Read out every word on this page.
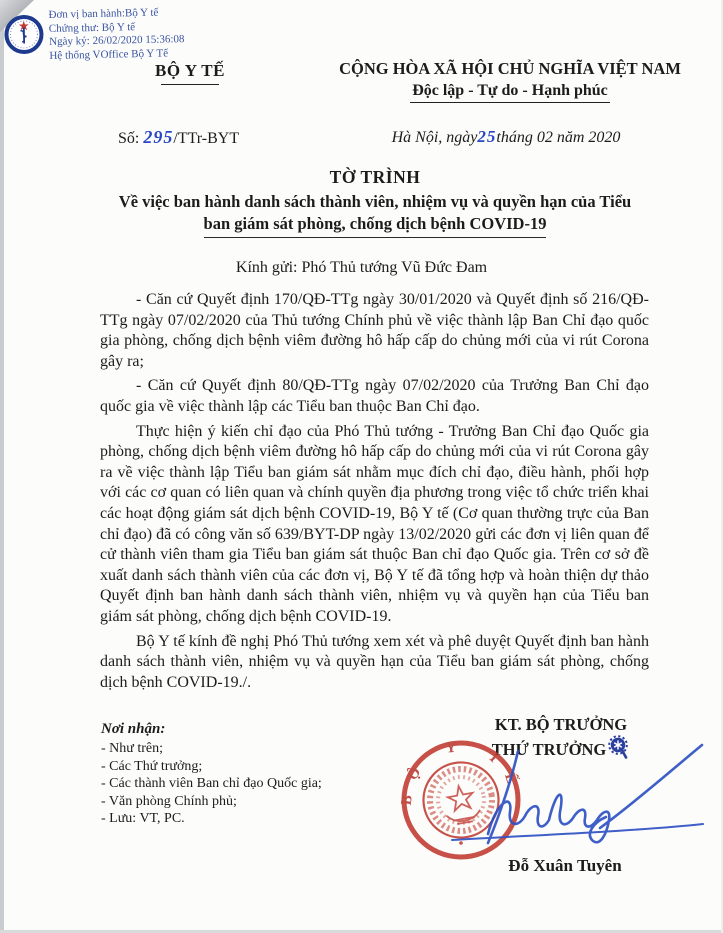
Đơn vị ban hành:Bộ Y tế
Chứng thư: Bộ Y tế
Ngày ký: 26/02/2020 15:36:08
Hệ thống VOffice Bộ Y Tế
BỘ Y TẾ	CỘNG HÒA XÃ HỘI CHỦ NGHĨA VIỆT NAM
Độc lập - Tự do - Hạnh phúc
Số: 295/TTr-BYT	Hà Nội, ngày25tháng 02 năm 2020
TỜ TRÌNH
Về việc ban hành danh sách thành viên, nhiệm vụ và quyền hạn của Tiểu
ban giám sát phòng, chống dịch bệnh COVID-19
Kính gửi: Phó Thủ tướng Vũ Đức Đam

- Căn cứ Quyết định 170/QĐ-TTg ngày 30/01/2020 và Quyết định số 216/QĐ-TTg ngày 07/02/2020 của Thủ tướng Chính phủ về việc thành lập Ban Chỉ đạo quốc gia phòng, chống dịch bệnh viêm đường hô hấp cấp do chủng mới của vi rút Corona gây ra;

- Căn cứ Quyết định 80/QĐ-TTg ngày 07/02/2020 của Trưởng Ban Chỉ đạo quốc gia về việc thành lập các Tiểu ban thuộc Ban Chỉ đạo.

Thực hiện ý kiến chỉ đạo của Phó Thủ tướng - Trưởng Ban Chỉ đạo Quốc gia phòng, chống dịch bệnh viêm đường hô hấp cấp do chủng mới của vi rút Corona gây ra về việc thành lập Tiểu ban giám sát nhằm mục đích chỉ đạo, điều hành, phối hợp với các cơ quan có liên quan và chính quyền địa phương trong việc tổ chức triển khai các hoạt động giám sát dịch bệnh COVID-19, Bộ Y tế (Cơ quan thường trực của Ban chỉ đạo) đã có công văn số 639/BYT-DP ngày 13/02/2020 gửi các đơn vị liên quan để cử thành viên tham gia Tiểu ban giám sát thuộc Ban chỉ đạo Quốc gia. Trên cơ sở đề xuất danh sách thành viên của các đơn vị, Bộ Y tế đã tổng hợp và hoàn thiện dự thảo Quyết định ban hành danh sách thành viên, nhiệm vụ và quyền hạn của Tiểu ban giám sát phòng, chống dịch bệnh COVID-19.

Bộ Y tế kính đề nghị Phó Thủ tướng xem xét và phê duyệt Quyết định ban hành danh sách thành viên, nhiệm vụ và quyền hạn của Tiểu ban giám sát phòng, chống dịch bệnh COVID-19./.

Nơi nhận:
- Như trên;
- Các Thứ trưởng;
- Các thành viên Ban chỉ đạo Quốc gia;
- Văn phòng Chính phủ;
- Lưu: VT, PC.
KT. BỘ TRƯỞNG
THỨ TRƯỞNG
BỘ Y TẾ
Đỗ Xuân Tuyên
